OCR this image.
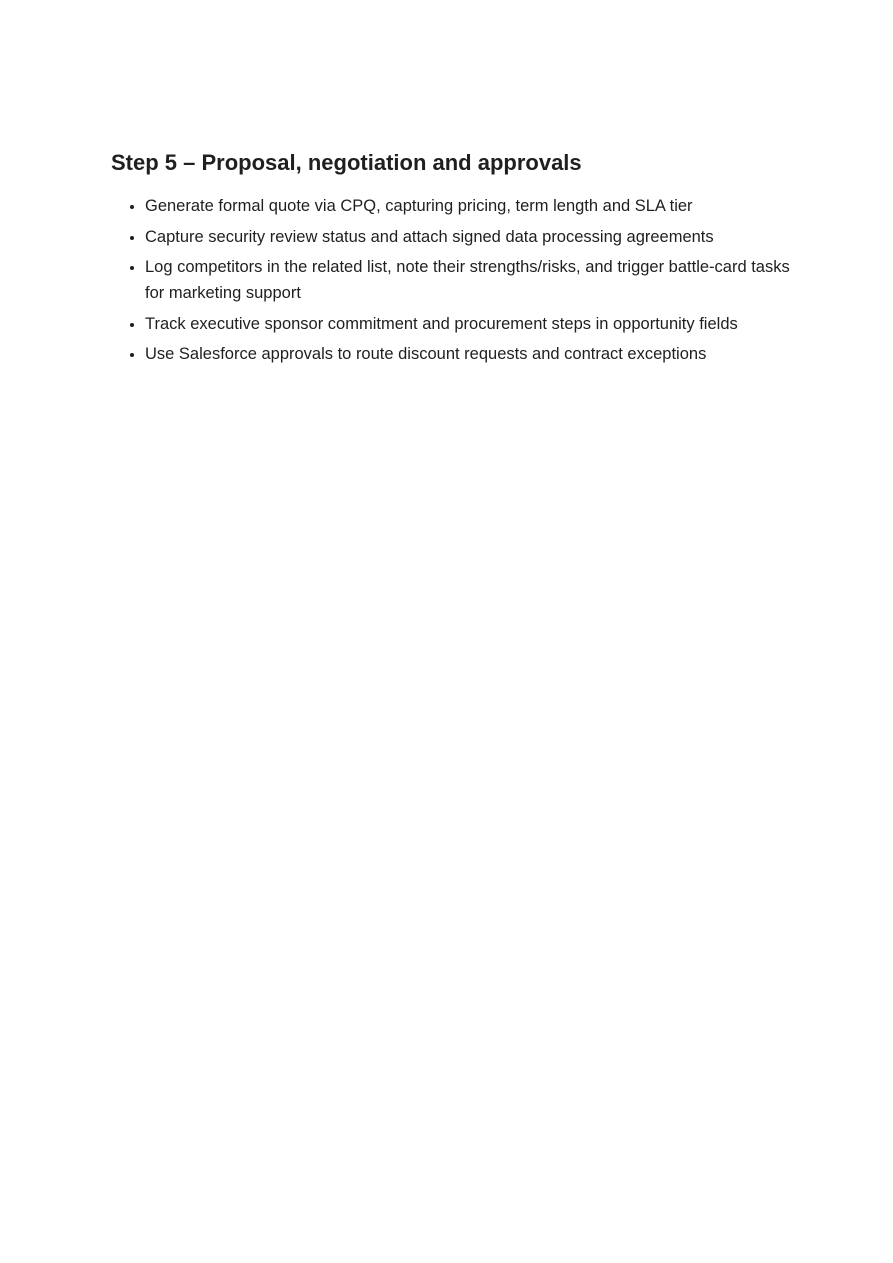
Step 5 – Proposal, negotiation and approvals
• Generate formal quote via CPQ, capturing pricing, term length and SLA tier
• Capture security review status and attach signed data processing agreements
• Log competitors in the related list, note their strengths/risks, and trigger battle-card tasks for marketing support
• Track executive sponsor commitment and procurement steps in opportunity fields
• Use Salesforce approvals to route discount requests and contract exceptions
